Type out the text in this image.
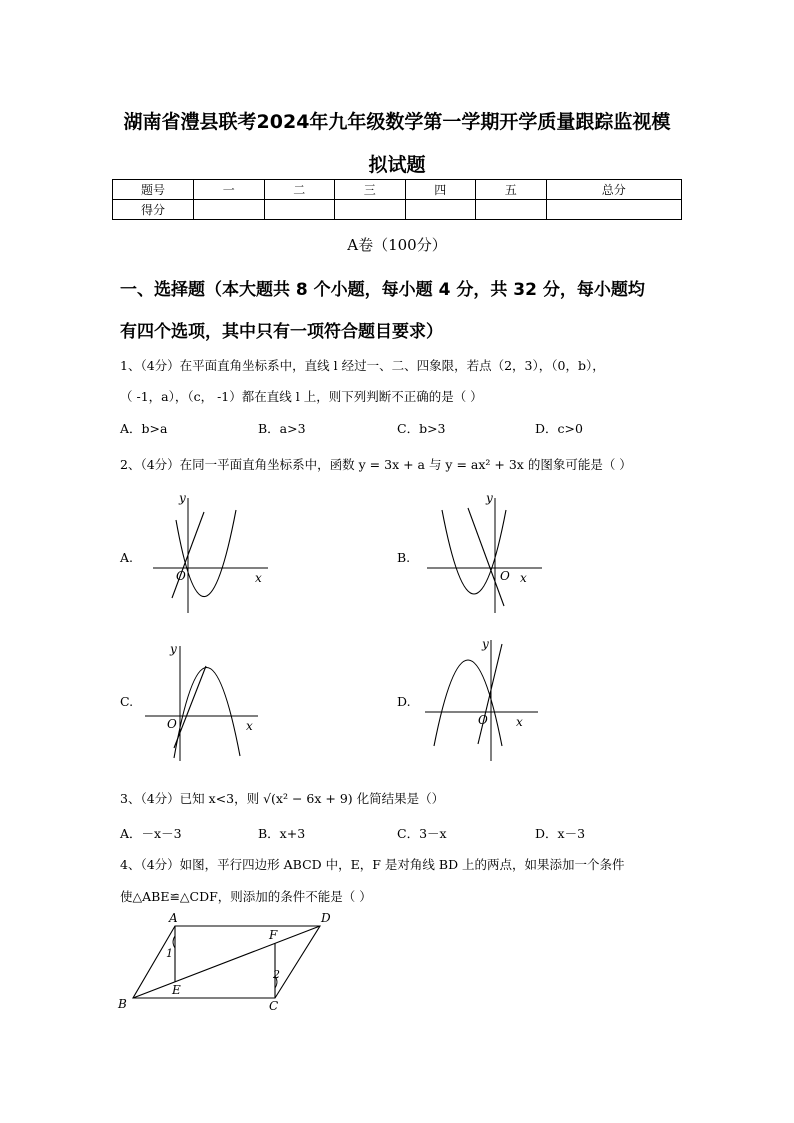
湖南省澧县联考2024年九年级数学第一学期开学质量跟踪监视模
拟试题
题号	一	二	三	四	五	总分
得分						
A卷（100分）
一、选择题（本大题共 8 个小题，每小题 4 分，共 32 分，每小题均
有四个选项，其中只有一项符合题目要求）
1、（4分）在平面直角坐标系中，直线 l 经过一、二、四象限，若点（2，3），（0，b），
（ -1，a），（c， -1）都在直线 l 上，则下列判断不正确的是（ ）
A．b>a	B．a>3	C．b>3	D．c>0
2、（4分）在同一平面直角坐标系中，函数 y = 3x + a 与 y = ax² + 3x 的图象可能是（ ）
A.	B.
C.	D.
y
x
O
y
x
O
y
x
O
y
x
O
3、（4分）已知 x<3，则 √(x² − 6x + 9) 化简结果是（）
A．－x－3	B．x+3	C．3－x	D．x－3
4、（4分）如图，平行四边形 ABCD 中，E，F 是对角线 BD 上的两点，如果添加一个条件
使△ABE≌△CDF，则添加的条件不能是（ ）
A	D
F
1
2
E
B	C
